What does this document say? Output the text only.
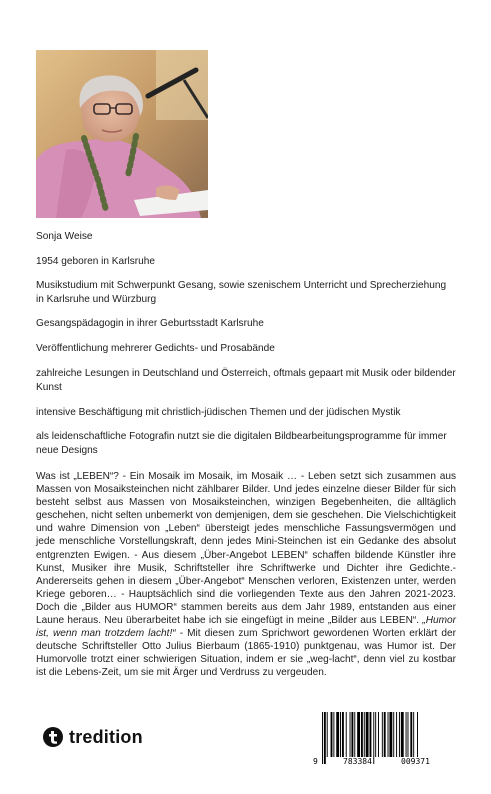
Sonja Weise

1954 geboren in Karlsruhe

Musikstudium mit Schwerpunkt Gesang, sowie szenischem Unterricht und Sprecherziehung in Karlsruhe und Würzburg

Gesangspädagogin in ihrer Geburtsstadt Karlsruhe

Veröffentlichung mehrerer Gedichts- und Prosabände

zahlreiche Lesungen in Deutschland und Österreich, oftmals gepaart mit Musik oder bildender Kunst

intensive Beschäftigung mit christlich-jüdischen Themen und der jüdischen Mystik

als leidenschaftliche Fotografin nutzt sie die digitalen Bildbearbeitungsprogramme für immer neue Designs

Was ist „LEBEN“? - Ein Mosaik im Mosaik, im Mosaik … - Leben setzt sich zusammen aus Massen von Mosaiksteinchen nicht zählbarer Bilder. Und jedes einzelne dieser Bilder für sich besteht selbst aus Massen von Mosaiksteinchen, winzigen Begebenheiten, die alltäglich geschehen, nicht selten unbemerkt von demjenigen, dem sie geschehen. Die Vielschichtigkeit und wahre Dimension von „Leben“ übersteigt jedes menschliche Fassungsvermögen und jede menschliche Vorstellungskraft, denn jedes Mini-Steinchen ist ein Gedanke des absolut entgrenzten Ewigen. - Aus diesem „Über-Angebot LEBEN“ schaffen bildende Künstler ihre Kunst, Musiker ihre Musik, Schriftsteller ihre Schriftwerke und Dichter ihre Gedichte.- Andererseits gehen in diesem „Über-Angebot“ Menschen verloren, Existenzen unter, werden Kriege geboren… - Hauptsächlich sind die vorliegenden Texte aus den Jahren 2021-2023. Doch die „Bilder aus HUMOR“ stammen bereits aus dem Jahr 1989, entstanden aus einer Laune heraus. Neu überarbeitet habe ich sie eingefügt in meine „Bilder aus LEBEN“. „Humor ist, wenn man trotzdem lacht!“ - Mit diesen zum Sprichwort gewordenen Worten erklärt der deutsche Schriftsteller Otto Julius Bierbaum (1865-1910) punktgenau, was Humor ist. Der Humorvolle trotzt einer schwierigen Situation, indem er sie „weg-lacht“, denn viel zu kostbar ist die Lebens-Zeit, um sie mit Ärger und Verdruss zu vergeuden.

tredition
9	783384	009371
